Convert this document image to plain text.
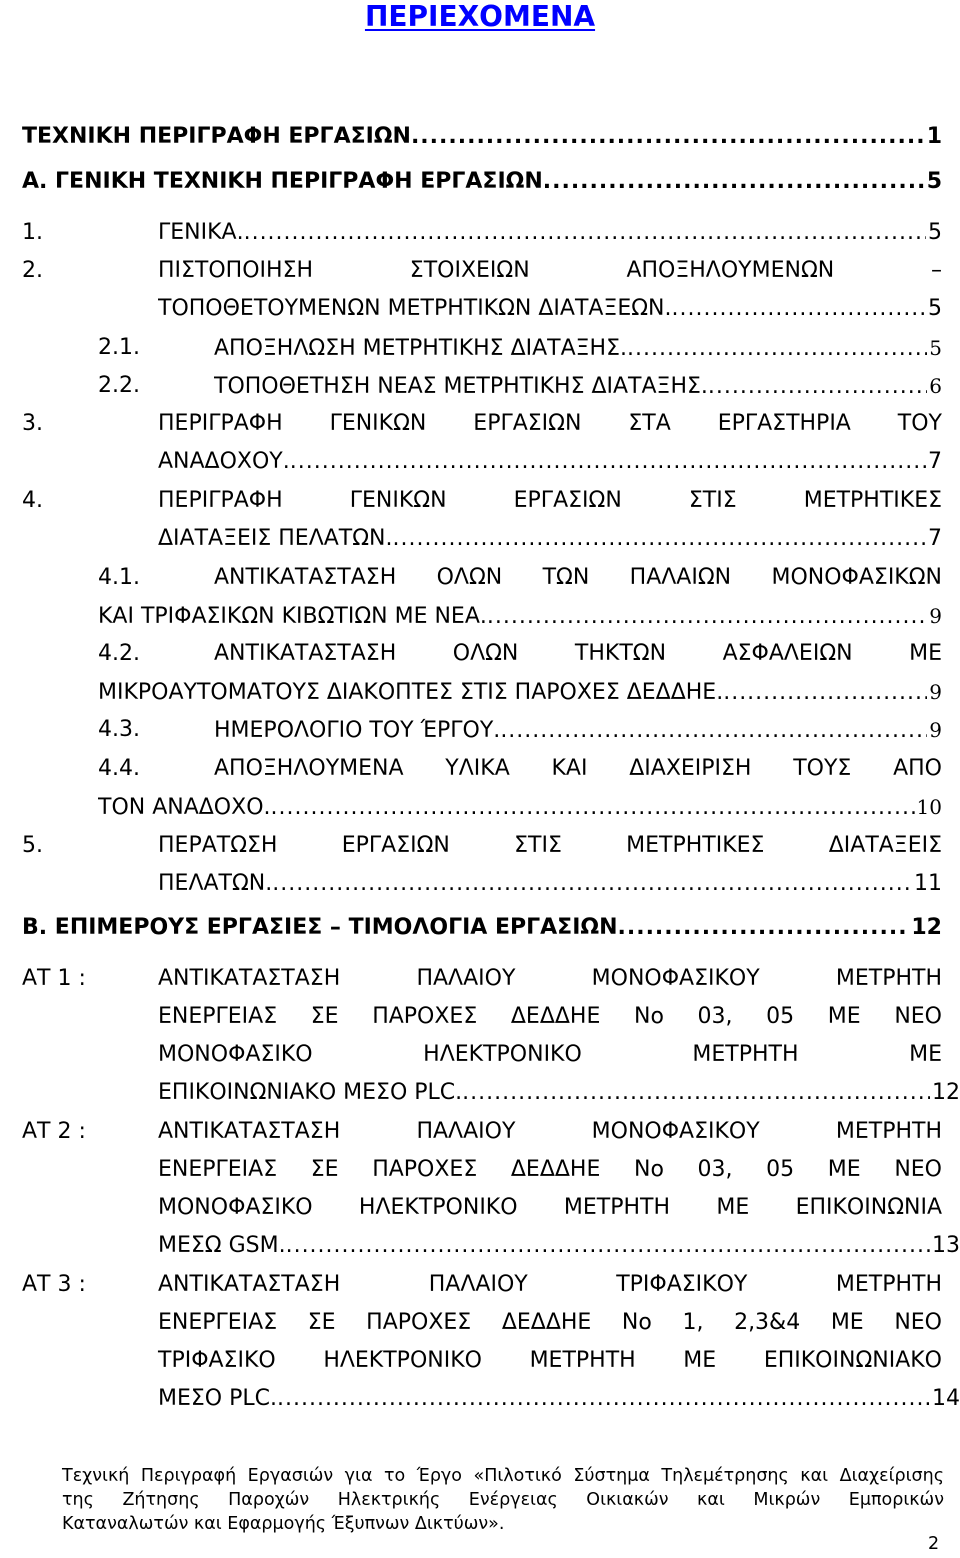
ΠΕΡΙΕΧΟΜΕΝΑ
ΤΕΧΝΙΚΗ ΠΕΡΙΓΡΑΦΗ ΕΡΓΑΣΙΩΝ .....	1
Α. ΓΕΝΙΚΗ ΤΕΧΝΙΚΗ ΠΕΡΙΓΡΑΦΗ ΕΡΓΑΣΙΩΝ .....	5
1.	ΓΕΝΙΚΑ. .....	5
2.	ΠΙΣΤΟΠΟΙΗΣΗ ΣΤΟΙΧΕΙΩΝ ΑΠΟΞΗΛΟΥΜΕΝΩΝ –
ΤΟΠΟΘΕΤΟΥΜΕΝΩΝ ΜΕΤΡΗΤΙΚΩΝ ΔΙΑΤΑΞΕΩΝ. .....	5
2.1.	ΑΠΟΞΗΛΩΣΗ ΜΕΤΡΗΤΙΚΗΣ ΔΙΑΤΑΞΗΣ. .....	5
2.2.	ΤΟΠΟΘΕΤΗΣΗ ΝΕΑΣ ΜΕΤΡΗΤΙΚΗΣ ΔΙΑΤΑΞΗΣ. .....	6
3.	ΠΕΡΙΓΡΑΦΗ ΓΕΝΙΚΩΝ ΕΡΓΑΣΙΩΝ ΣΤΑ ΕΡΓΑΣΤΗΡΙΑ ΤΟΥ
ΑΝΑΔΟΧΟΥ. .....	7
4.	ΠΕΡΙΓΡΑΦΗ ΓΕΝΙΚΩΝ ΕΡΓΑΣΙΩΝ ΣΤΙΣ ΜΕΤΡΗΤΙΚΕΣ
ΔΙΑΤΑΞΕΙΣ ΠΕΛΑΤΩΝ. .....	7
4.1.	ΑΝΤΙΚΑΤΑΣΤΑΣΗ ΟΛΩΝ ΤΩΝ ΠΑΛΑΙΩΝ ΜΟΝΟΦΑΣΙΚΩΝ
ΚΑΙ ΤΡΙΦΑΣΙΚΩΝ ΚΙΒΩΤΙΩΝ ΜΕ ΝΕΑ. .....	9
4.2.	ΑΝΤΙΚΑΤΑΣΤΑΣΗ ΟΛΩΝ ΤΗΚΤΩΝ ΑΣΦΑΛΕΙΩΝ ΜΕ
ΜΙΚΡΟΑΥΤΟΜΑΤΟΥΣ ΔΙΑΚΟΠΤΕΣ ΣΤΙΣ ΠΑΡΟΧΕΣ ΔΕΔΔΗΕ. .....	9
4.3.	ΗΜΕΡΟΛΟΓΙΟ ΤΟΥ ΈΡΓΟΥ. .....	9
4.4.	ΑΠΟΞΗΛΟΥΜΕΝΑ ΥΛΙΚΑ ΚΑΙ ΔΙΑΧΕΙΡΙΣΗ ΤΟΥΣ ΑΠΟ
ΤΟΝ ΑΝΑΔΟΧΟ. .....	10
5.	ΠΕΡΑΤΩΣΗ ΕΡΓΑΣΙΩΝ ΣΤΙΣ ΜΕΤΡΗΤΙΚΕΣ ΔΙΑΤΑΞΕΙΣ
ΠΕΛΑΤΩΝ. .....	11
Β. ΕΠΙΜΕΡΟΥΣ ΕΡΓΑΣΙΕΣ – ΤΙΜΟΛΟΓΙΑ ΕΡΓΑΣΙΩΝ .....	12
ΑΤ 1 :	ΑΝΤΙΚΑΤΑΣΤΑΣΗ ΠΑΛΑΙΟΥ ΜΟΝΟΦΑΣΙΚΟΥ ΜΕΤΡΗΤΗ
ΕΝΕΡΓΕΙΑΣ ΣΕ ΠΑΡΟΧΕΣ ΔΕΔΔΗΕ Νο 03, 05 ΜΕ ΝΕΟ
ΜΟΝΟΦΑΣΙΚΟ ΗΛΕΚΤΡΟΝΙΚΟ ΜΕΤΡΗΤΗ ΜΕ
ΕΠΙΚΟΙΝΩΝΙΑΚΟ ΜΕΣΟ PLC. .....	12
ΑΤ 2 :	ΑΝΤΙΚΑΤΑΣΤΑΣΗ ΠΑΛΑΙΟΥ ΜΟΝΟΦΑΣΙΚΟΥ ΜΕΤΡΗΤΗ
ΕΝΕΡΓΕΙΑΣ ΣΕ ΠΑΡΟΧΕΣ ΔΕΔΔΗΕ Νο 03, 05 ΜΕ ΝΕΟ
ΜΟΝΟΦΑΣΙΚΟ ΗΛΕΚΤΡΟΝΙΚΟ ΜΕΤΡΗΤΗ ΜΕ ΕΠΙΚΟΙΝΩΝΙΑ
ΜΕΣΩ GSM. .....	13
ΑΤ 3 :	ΑΝΤΙΚΑΤΑΣΤΑΣΗ ΠΑΛΑΙΟΥ ΤΡΙΦΑΣΙΚΟΥ ΜΕΤΡΗΤΗ
ΕΝΕΡΓΕΙΑΣ ΣΕ ΠΑΡΟΧΕΣ ΔΕΔΔΗΕ Νο 1, 2,3&4 ΜΕ ΝΕΟ
ΤΡΙΦΑΣΙΚΟ ΗΛΕΚΤΡΟΝΙΚΟ ΜΕΤΡΗΤΗ ΜΕ ΕΠΙΚΟΙΝΩΝΙΑΚΟ
ΜΕΣΟ PLC. .....	14
Τεχνική Περιγραφή Εργασιών για το Έργο «Πιλοτικό Σύστημα Τηλεμέτρησης και Διαχείρισης
της Ζήτησης Παροχών Ηλεκτρικής Ενέργειας Οικιακών και Μικρών Εμπορικών
Καταναλωτών και Εφαρμογής Έξυπνων Δικτύων».
2
